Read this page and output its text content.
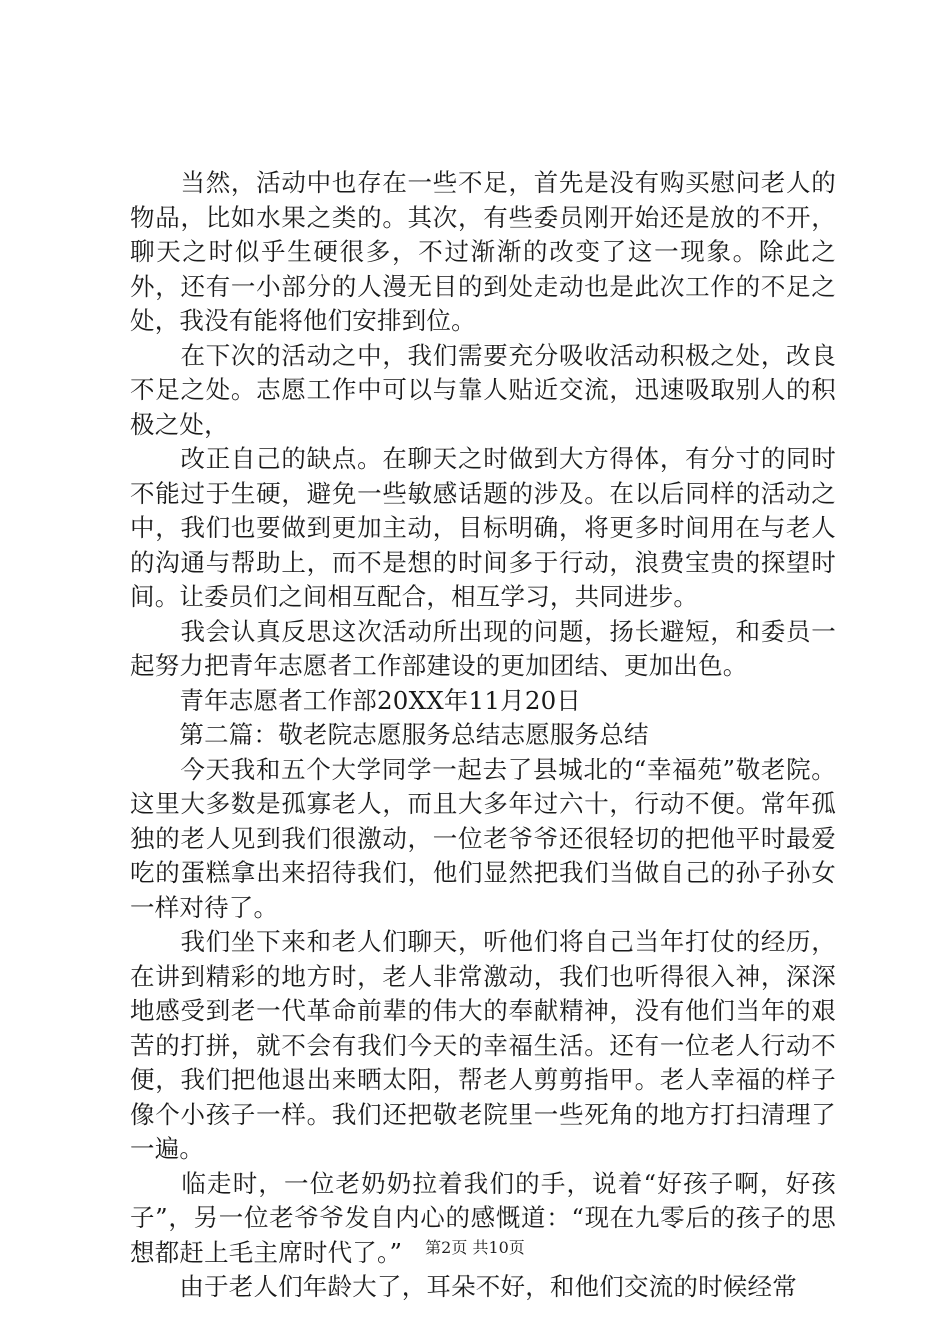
　　当然，活动中也存在一些不足，首先是没有购买慰问老人的物品，比如水果之类的。其次，有些委员刚开始还是放的不开，聊天之时似乎生硬很多，不过渐渐的改变了这一现象。除此之外，还有一小部分的人漫无目的到处走动也是此次工作的不足之处，我没有能将他们安排到位。

　　在下次的活动之中，我们需要充分吸收活动积极之处，改良不足之处。志愿工作中可以与靠人贴近交流，迅速吸取别人的积极之处，

　　改正自己的缺点。在聊天之时做到大方得体，有分寸的同时不能过于生硬，避免一些敏感话题的涉及。在以后同样的活动之中，我们也要做到更加主动，目标明确，将更多时间用在与老人的沟通与帮助上，而不是想的时间多于行动，浪费宝贵的探望时间。让委员们之间相互配合，相互学习，共同进步。

　　我会认真反思这次活动所出现的问题，扬长避短，和委员一起努力把青年志愿者工作部建设的更加团结、更加出色。

　　青年志愿者工作部20XX年11月20日

　　第二篇：敬老院志愿服务总结志愿服务总结

　　今天我和五个大学同学一起去了县城北的“幸福苑”敬老院。这里大多数是孤寡老人，而且大多年过六十，行动不便。常年孤独的老人见到我们很激动，一位老爷爷还很轻切的把他平时最爱吃的蛋糕拿出来招待我们，他们显然把我们当做自己的孙子孙女一样对待了。

　　我们坐下来和老人们聊天，听他们将自己当年打仗的经历，在讲到精彩的地方时，老人非常激动，我们也听得很入神，深深地感受到老一代革命前辈的伟大的奉献精神，没有他们当年的艰苦的打拼，就不会有我们今天的幸福生活。还有一位老人行动不便，我们把他退出来晒太阳，帮老人剪剪指甲。老人幸福的样子像个小孩子一样。我们还把敬老院里一些死角的地方打扫清理了一遍。

　　临走时，一位老奶奶拉着我们的手，说着“好孩子啊，好孩子”，另一位老爷爷发自内心的感慨道：“现在九零后的孩子的思想都赶上毛主席时代了。”

　　由于老人们年龄大了，耳朵不好，和他们交流的时候经常

第2页 共10页
